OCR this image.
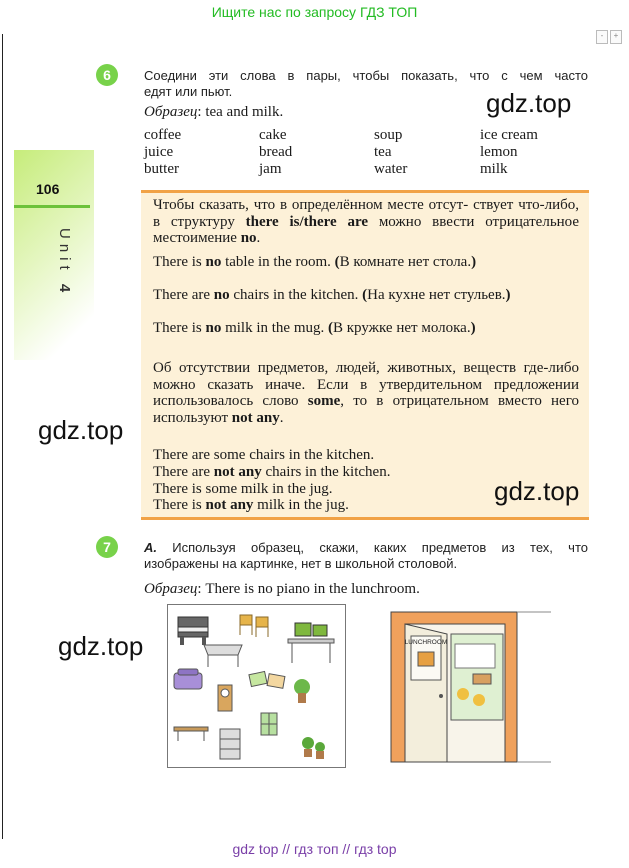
Ищите нас по запросу ГДЗ ТОП
-	+
106
Unit 4
6	Соедини эти слова в пары, чтобы показать, что с чем часто
едят или пьют.
Образец: tea and milk.
coffee	cake	soup	ice cream
juice	bread	tea	lemon
butter	jam	water	milk
Чтобы сказать, что в определённом месте отсут- ствует что-либо, в структуру there is/there are можно ввести отрицательное местоимение no.
There is no table in the room. (В комнате нет стола.)
There are no chairs in the kitchen. (На кухне нет стульев.)
There is no milk in the mug. (В кружке нет молока.)
Об отсутствии предметов, людей, животных, веществ где-либо можно сказать иначе. Если в утвердительном предложении использовалось слово some, то в отрицательном вместо него используют not any.
There are some chairs in the kitchen.
There are not any chairs in the kitchen.
There is some milk in the jug.
There is not any milk in the jug.
7	A. Используя образец, скажи, каких предметов из тех, что
изображены на картинке, нет в школьной столовой.
Образец: There is no piano in the lunchroom.
LUNCHROOM
gdz.top
gdz.top
gdz.top
gdz.top
gdz top // гдз топ // гдз top
